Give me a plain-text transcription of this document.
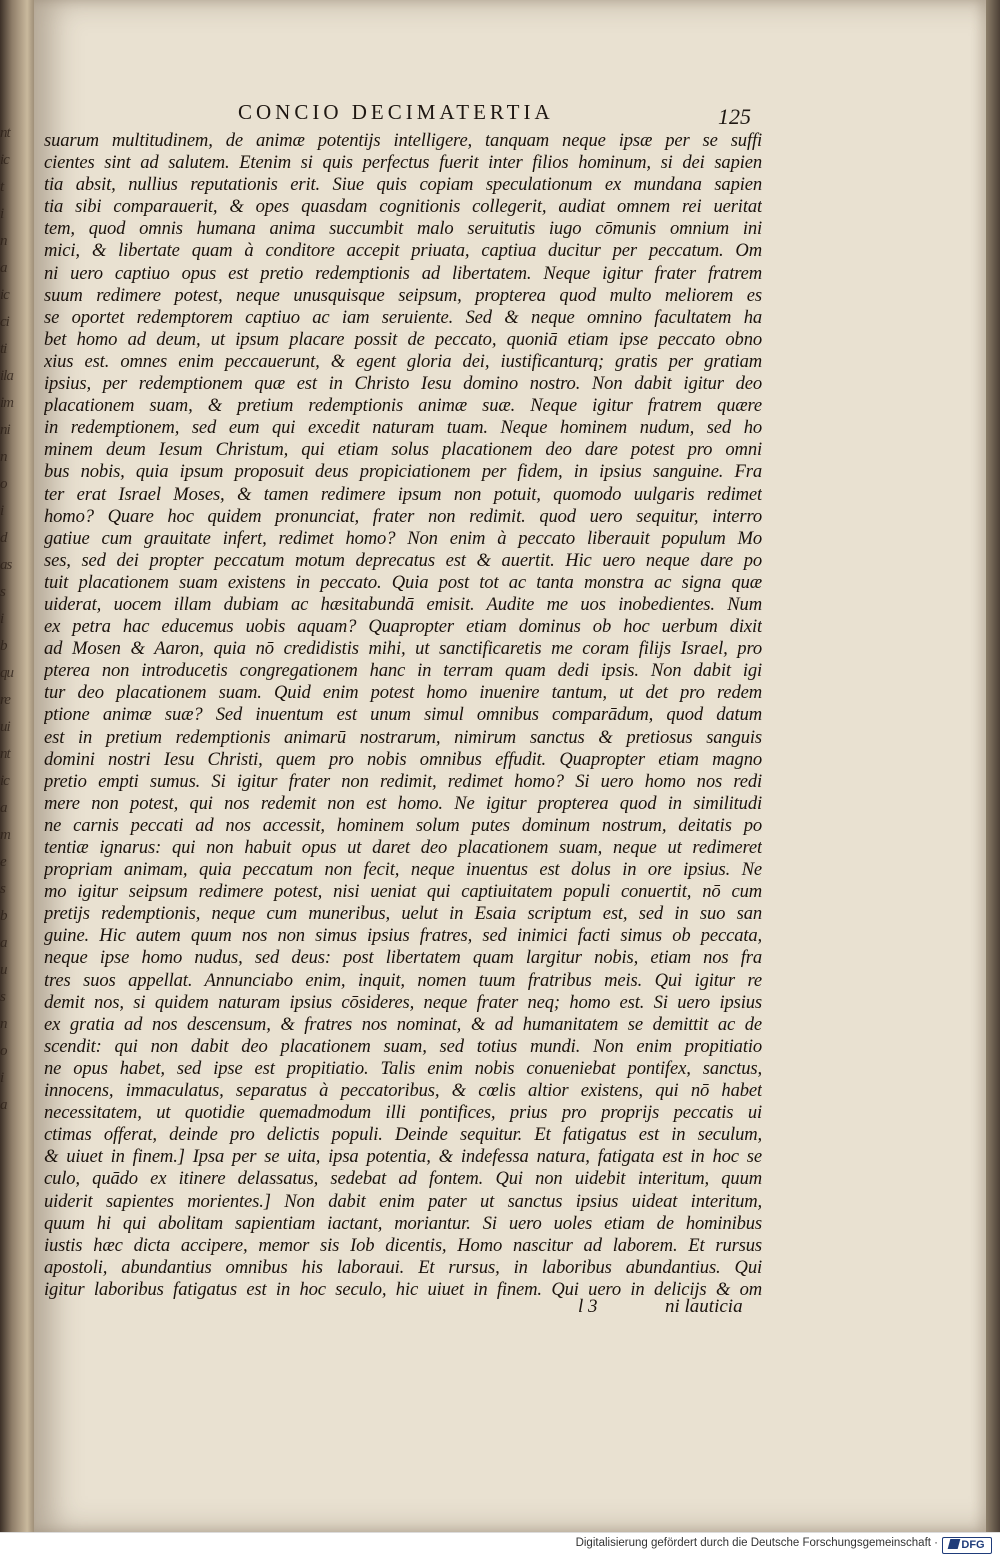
nt
ic
t
i
n
a
ic
ci
ti
ila
im
ni
n
o
i
d
as
s
i
b
qu
re
ui
nt
ic
a
m
e
s
b
a
u
s
n
o
i
a
CONCIO DECIMATERTIA	125
suarum multitudinem, de animæ potentijs intelligere, tanquam neque ipsæ per se suffi
cientes sint ad salutem. Etenim si quis perfectus fuerit inter filios hominum, si dei sapien
tia absit, nullius reputationis erit. Siue quis copiam speculationum ex mundana sapien
tia sibi comparauerit, & opes quasdam cognitionis collegerit, audiat omnem rei ueritat
tem, quod omnis humana anima succumbit malo seruitutis iugo cōmunis omnium ini
mici, & libertate quam à conditore accepit priuata, captiua ducitur per peccatum. Om
ni uero captiuo opus est pretio redemptionis ad libertatem. Neque igitur frater fratrem
suum redimere potest, neque unusquisque seipsum, propterea quod multo meliorem es
se oportet redemptorem captiuo ac iam seruiente. Sed & neque omnino facultatem ha
bet homo ad deum, ut ipsum placare possit de peccato, quoniā etiam ipse peccato obno
xius est. omnes enim peccauerunt, & egent gloria dei, iustificanturq; gratis per gratiam
ipsius, per redemptionem quæ est in Christo Iesu domino nostro. Non dabit igitur deo
placationem suam, & pretium redemptionis animæ suæ. Neque igitur fratrem quære
in redemptionem, sed eum qui excedit naturam tuam. Neque hominem nudum, sed ho
minem deum Iesum Christum, qui etiam solus placationem deo dare potest pro omni
bus nobis, quia ipsum proposuit deus propiciationem per fidem, in ipsius sanguine. Fra
ter erat Israel Moses, & tamen redimere ipsum non potuit, quomodo uulgaris redimet
homo? Quare hoc quidem pronunciat, frater non redimit. quod uero sequitur, interro
gatiue cum grauitate infert, redimet homo? Non enim à peccato liberauit populum Mo
ses, sed dei propter peccatum motum deprecatus est & auertit. Hic uero neque dare po
tuit placationem suam existens in peccato. Quia post tot ac tanta monstra ac signa quæ
uiderat, uocem illam dubiam ac hæsitabundā emisit. Audite me uos inobedientes. Num
ex petra hac educemus uobis aquam? Quapropter etiam dominus ob hoc uerbum dixit
ad Mosen & Aaron, quia nō credidistis mihi, ut sanctificaretis me coram filijs Israel, pro
pterea non introducetis congregationem hanc in terram quam dedi ipsis. Non dabit igi
tur deo placationem suam. Quid enim potest homo inuenire tantum, ut det pro redem
ptione animæ suæ? Sed inuentum est unum simul omnibus comparādum, quod datum
est in pretium redemptionis animarū nostrarum, nimirum sanctus & pretiosus sanguis
domini nostri Iesu Christi, quem pro nobis omnibus effudit. Quapropter etiam magno
pretio empti sumus. Si igitur frater non redimit, redimet homo? Si uero homo nos redi
mere non potest, qui nos redemit non est homo. Ne igitur propterea quod in similitudi
ne carnis peccati ad nos accessit, hominem solum putes dominum nostrum, deitatis po
tentiæ ignarus: qui non habuit opus ut daret deo placationem suam, neque ut redimeret
propriam animam, quia peccatum non fecit, neque inuentus est dolus in ore ipsius. Ne
mo igitur seipsum redimere potest, nisi ueniat qui captiuitatem populi conuertit, nō cum
pretijs redemptionis, neque cum muneribus, uelut in Esaia scriptum est, sed in suo san
guine. Hic autem quum nos non simus ipsius fratres, sed inimici facti simus ob peccata,
neque ipse homo nudus, sed deus: post libertatem quam largitur nobis, etiam nos fra
tres suos appellat. Annunciabo enim, inquit, nomen tuum fratribus meis. Qui igitur re
demit nos, si quidem naturam ipsius cōsideres, neque frater neq; homo est. Si uero ipsius
ex gratia ad nos descensum, & fratres nos nominat, & ad humanitatem se demittit ac de
scendit: qui non dabit deo placationem suam, sed totius mundi. Non enim propitiatio
ne opus habet, sed ipse est propitiatio. Talis enim nobis conueniebat pontifex, sanctus,
innocens, immaculatus, separatus à peccatoribus, & cœlis altior existens, qui nō habet
necessitatem, ut quotidie quemadmodum illi pontifices, prius pro proprijs peccatis ui
ctimas offerat, deinde pro delictis populi. Deinde sequitur. Et fatigatus est in seculum,
& uiuet in finem.] Ipsa per se uita, ipsa potentia, & indefessa natura, fatigata est in hoc se
culo, quādo ex itinere delassatus, sedebat ad fontem. Qui non uidebit interitum, quum
uiderit sapientes morientes.] Non dabit enim pater ut sanctus ipsius uideat interitum,
quum hi qui abolitam sapientiam iactant, moriantur. Si uero uoles etiam de hominibus
iustis hæc dicta accipere, memor sis Iob dicentis, Homo nascitur ad laborem. Et rursus
apostoli, abundantius omnibus his laboraui. Et rursus, in laboribus abundantius. Qui
igitur laboribus fatigatus est in hoc seculo, hic uiuet in finem. Qui uero in delicijs & om
l 3	ni lauticia
Digitalisierung gefördert durch die Deutsche Forschungsgemeinschaft ·	DFG
